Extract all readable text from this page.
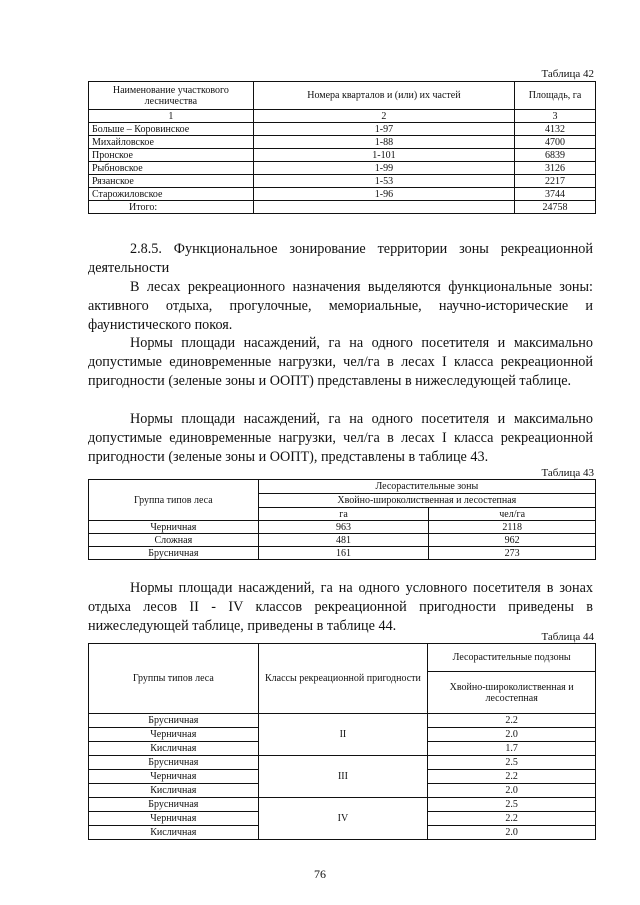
Таблица 42
Наименование участкового лесничества	Номера кварталов и (или) их частей	Площадь, га
1	2	3
Больше – Коровинское	1-97	4132
Михайловское	1-88	4700
Пронское	1-101	6839
Рыбновское	1-99	3126
Рязанское	1-53	2217
Старожиловское	1-96	3744
Итого:		24758

2.8.5. Функциональное зонирование территории зоны рекреационной деятельности

В лесах рекреационного назначения выделяются функциональные зоны: активного отдыха, прогулочные, мемориальные, научно-исторические и фаунистического покоя.

Нормы площади насаждений, га на одного посетителя и максимально допустимые единовременные нагрузки, чел/га в лесах I класса рекреационной пригодности (зеленые зоны и ООПТ) представлены в нижеследующей таблице.

Нормы площади насаждений, га на одного посетителя и максимально допустимые единовременные нагрузки, чел/га в лесах I класса рекреационной пригодности (зеленые зоны и ООПТ), представлены в таблице 43.

Таблица 43
Группа типов леса	Лесорастительные зоны	
	Хвойно-широколиственная и лесостепная	
	га	чел/га
Черничная	963	2118
Сложная	481	962
Брусничная	161	273

Нормы площади насаждений, га на одного условного посетителя в зонах отдыха лесов II - IV классов рекреационной пригодности приведены в нижеследующей таблице, приведены в таблице 44.

Таблица 44
Группы типов леса	Классы рекреационной пригодности	Лесорастительные подзоны
		Хвойно-широколиственная и лесостепная
Брусничная	II	2.2
Черничная		2.0
Кисличная		1.7
Брусничная	III	2.5
Черничная		2.2
Кисличная		2.0
Брусничная	IV	2.5
Черничная		2.2
Кисличная		2.0
76
